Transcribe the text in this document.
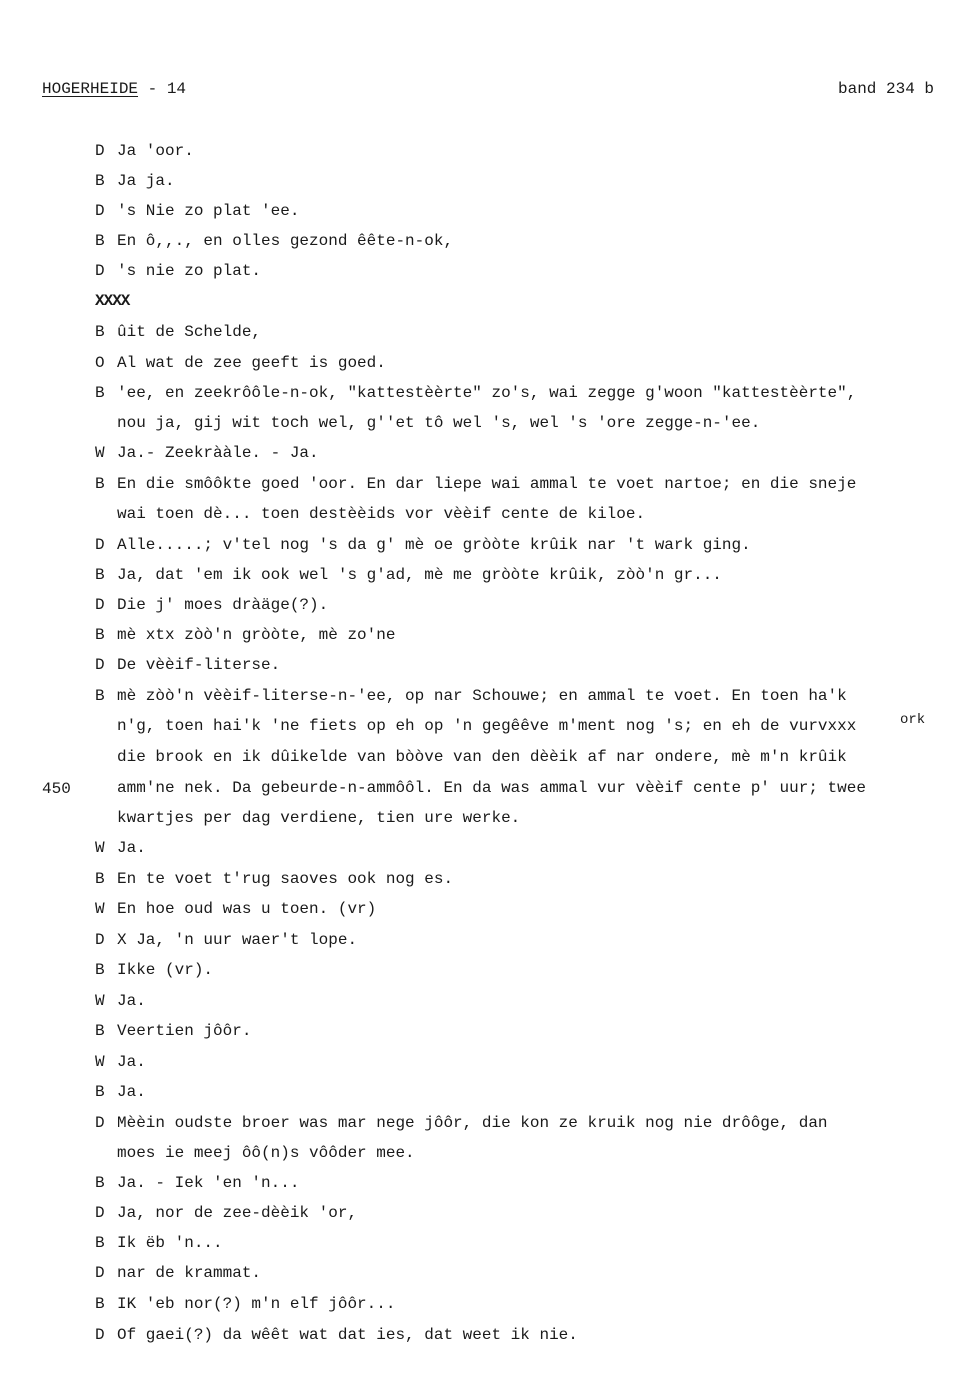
HOGERHEIDE - 14	band 234 b
450
ork
D Ja 'oor.
B Ja ja.
D 's Nie zo plat 'ee.
B En ô,,., en olles gezond êête-n-ok,
D 's nie zo plat.
XXXX
B ûit de Schelde,
O Al wat de zee geeft is goed.
B 'ee, en zeekrôôle-n-ok, "kattestèèrte" zo's, wai zegge g'woon "kattestèèrte",
nou ja, gij wit toch wel, g''et tô wel 's, wel 's 'ore zegge-n-'ee.
W Ja.- Zeekrààle. - Ja.
B En die smôôkte goed 'oor. En dar liepe wai ammal te voet nartoe; en die sneje
wai toen dè... toen destèèids vor vèèif cente de kiloe.
D Alle.....; v'tel nog 's da g' mè oe gròòte krûik nar 't wark ging.
B Ja, dat 'em ik ook wel 's g'ad, mè me gròòte krûik, zòò'n gr...
D Die j' moes dràäge(?).
B mè xtx zòò'n gròòte, mè zo'ne
D De vèèif-literse.
B mè zòò'n vèèif-literse-n-'ee, op nar Schouwe; en ammal te voet. En toen ha'k
n'g, toen hai'k 'ne fiets op eh op 'n gegêêve m'ment nog 's; en eh de vurvxxx
die brook en ik dûikelde van bòòve van den dèèik af nar ondere, mè m'n krûik
amm'ne nek. Da gebeurde-n-ammôôl. En da was ammal vur vèèif cente p' uur; twee
kwartjes per dag verdiene, tien ure werke.
W Ja.
B En te voet t'rug saoves ook nog es.
W En hoe oud was u toen. (vr)
D X Ja, 'n uur waer't lope.
B Ikke (vr).
W Ja.
B Veertien jôôr.
W Ja.
B Ja.
D Mèèin oudste broer was mar nege jôôr, die kon ze kruik nog nie drôôge, dan
moes ie meej ôô(n)s vôôder mee.
B Ja. - Iek 'en 'n...
D Ja, nor de zee-dèèik 'or,
B Ik ëb 'n...
D nar de krammat.
B IK 'eb nor(?) m'n elf jôôr...
D Of gaei(?) da wêêt wat dat ies, dat weet ik nie.
